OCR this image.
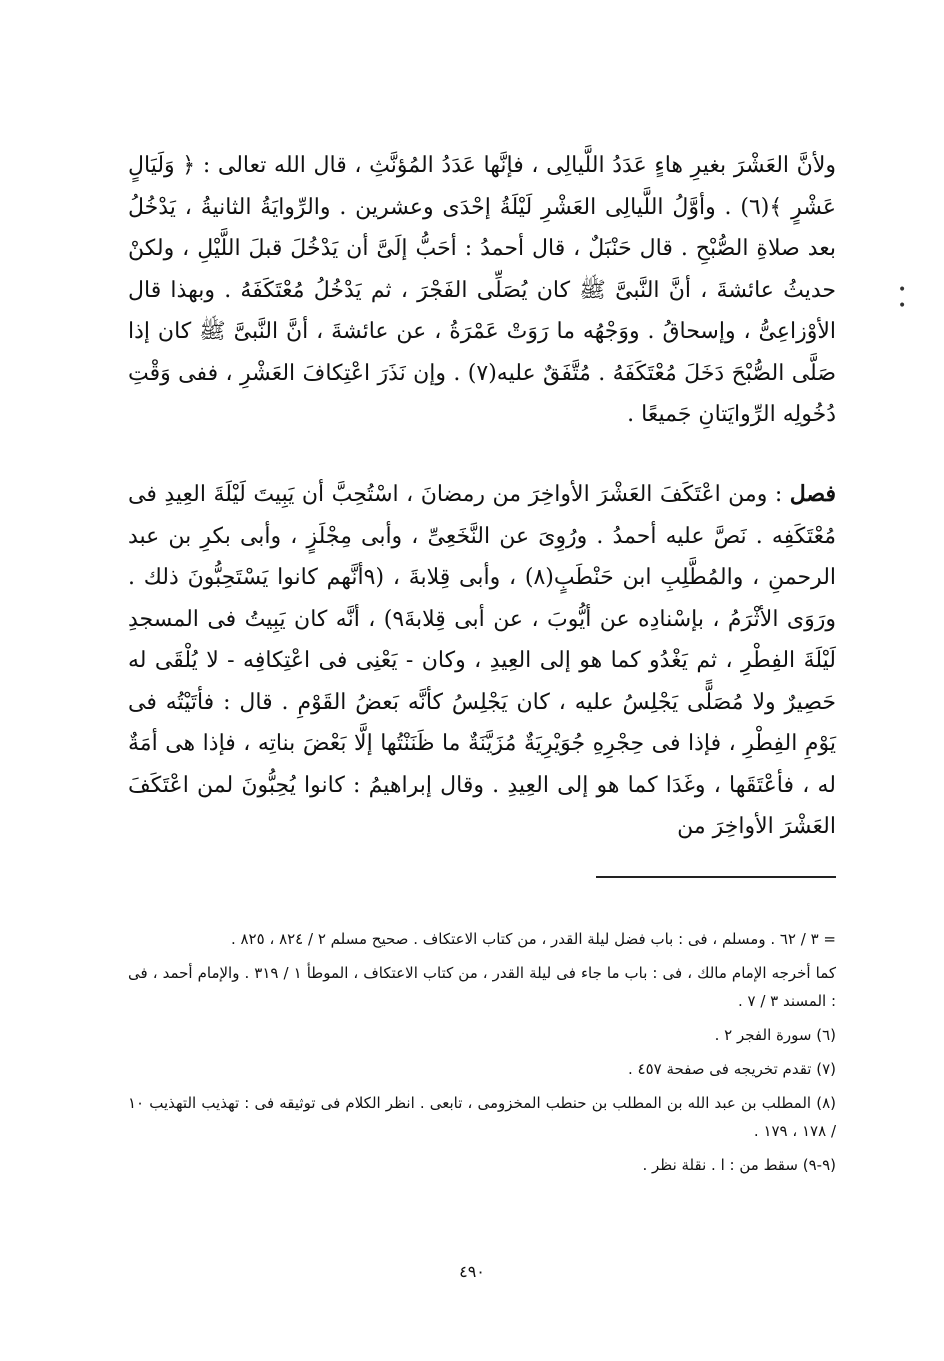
ولأنَّ العَشْرَ بغيرِ هاءٍ عَدَدُ اللَّيالِى ، فإنَّها عَدَدُ المُؤنَّثِ ، قال الله تعالى : ﴿ وَلَيَالٍ عَشْرٍ ﴾(٦) . وأوَّلُ اللَّيالِى العَشْرِ لَيْلَةُ إحْدَى وعشرين . والرِّوايَةُ الثانيةُ ، يَدْخُلُ بعد صلاةِ الصُّبْحِ . قال حَنْبَلٌ ، قال أحمدُ : أحَبُّ إلَىَّ أن يَدْخُلَ قبلَ اللَّيْلِ ، ولكنْ حديثُ عائشةَ ، أنَّ النَّبىَّ ﷺ كان يُصَلِّى الفَجْرَ ، ثم يَدْخُلُ مُعْتَكَفَهُ . وبهذا قال الأوْزاعِىُّ ، وإسحاقُ . ووَجْهُه ما رَوَتْ عَمْرَةُ ، عن عائشةَ ، أنَّ النَّبىَّ ﷺ كان إذا صَلَّى الصُّبْحَ دَخَلَ مُعْتَكَفَهُ . مُتَّفَقٌ عليه(٧) . وإن نَذَرَ اعْتِكافَ العَشْرِ ، ففى وَقْتِ دُخُولِه الرِّوايَتانِ جَميعًا .

فصل : ومن اعْتَكَفَ العَشْرَ الأواخِرَ من رمضانَ ، اسْتُحِبَّ أن يَبِيتَ لَيْلَةَ العِيدِ فى مُعْتَكَفِه . نَصَّ عليه أحمدُ . ورُوِىَ عن النَّخَعِىِّ ، وأبى مِجْلَزٍ ، وأبى بكرِ بن عبد الرحمنِ ، والمُطَّلِبِ ابن حَنْطَبٍ(٨) ، وأبى قِلابةَ ، (٩أنَّهم كانوا يَسْتَحِبُّونَ ذلك . ورَوَى الأثْرَمُ ، بإسْنادِه عن أيُّوبَ ، عن أبى قِلابةَ٩) ، أنَّه كان يَبِيتُ فى المسجدِ لَيْلَةَ الفِطْرِ ، ثم يَغْدُو كما هو إلى العِيدِ ، وكان - يَعْنِى فى اعْتِكافِه - لا يُلْقَى له حَصِيرٌ ولا مُصَلًّى يَجْلِسُ عليه ، كان يَجْلِسُ كأنَّه بَعضُ القَوْمِ . قال : فأتَيْتُه فى يَوْمِ الفِطْرِ ، فإذا فى حِجْرِهِ جُوَيْرِيَةٌ مُزَيَّنَةٌ ما ظَنَنْتُها إلَّا بَعْضَ بناتِه ، فإذا هى أمَةٌ له ، فأعْتَقَها ، وغَدَا كما هو إلى العِيدِ . وقال إبراهيمُ : كانوا يُحِبُّونَ لمن اعْتَكَفَ العَشْرَ الأواخِرَ من

• •
= ٣ / ٦٢ . ومسلم ، فى : باب فضل ليلة القدر ، من كتاب الاعتكاف . صحيح مسلم ٢ / ٨٢٤ ، ٨٢٥ .
كما أخرجه الإمام مالك ، فى : باب ما جاء فى ليلة القدر ، من كتاب الاعتكاف ، الموطأ ١ / ٣١٩ . والإمام أحمد ، فى : المسند ٣ / ٧ .
(٦) سورة الفجر ٢ .
(٧) تقدم تخريجه فى صفحة ٤٥٧ .
(٨) المطلب بن عبد الله بن المطلب بن حنطب المخزومى ، تابعى . انظر الكلام فى توثيقه فى : تهذيب التهذيب ١٠ / ١٧٨ ، ١٧٩ .
(٩-٩) سقط من : ا . نقلة نظر .
٤٩٠
